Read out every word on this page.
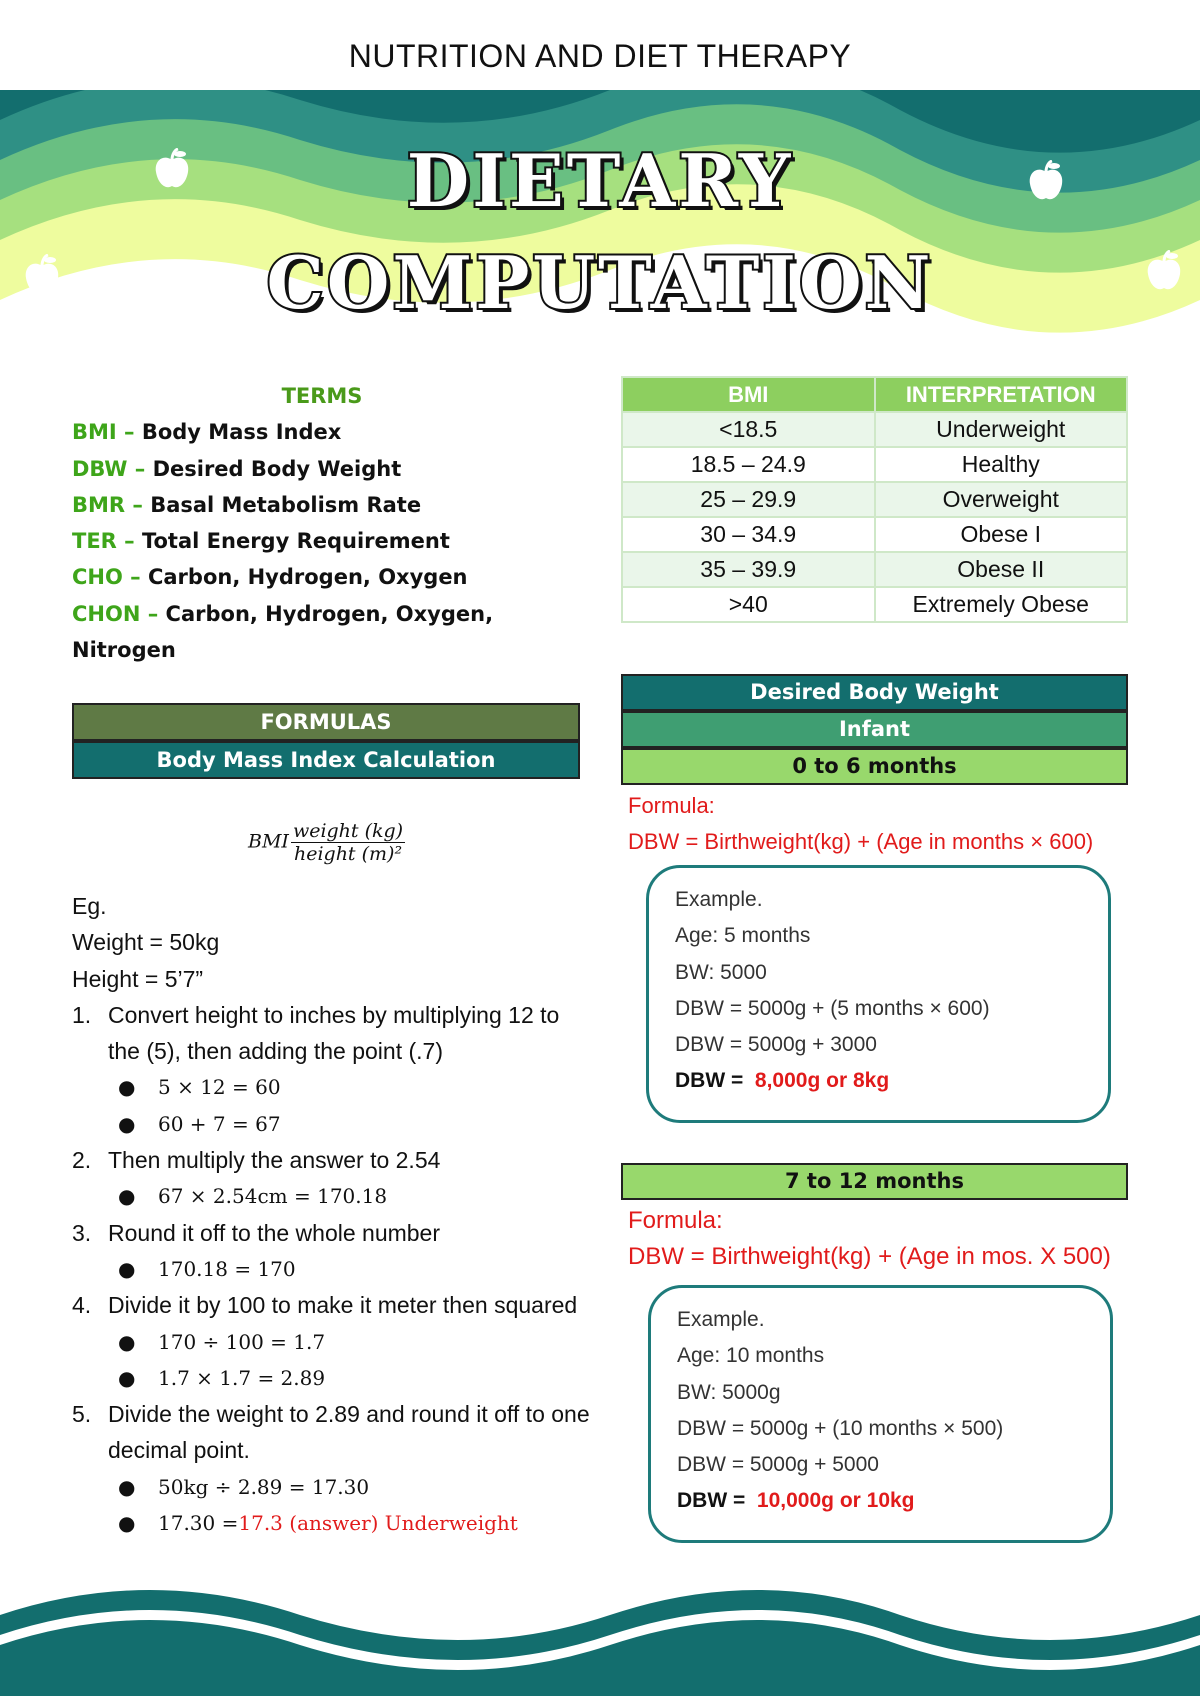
NUTRITION AND DIET THERAPY
DIETARY
COMPUTATION
TERMS
BMI – Body Mass Index
DBW – Desired Body Weight
BMR – Basal Metabolism Rate
TER – Total Energy Requirement
CHO – Carbon, Hydrogen, Oxygen
CHON – Carbon, Hydrogen, Oxygen,
Nitrogen
BMI	INTERPRETATION
<18.5	Underweight
18.5 – 24.9	Healthy
25 – 29.9	Overweight
30 – 34.9	Obese I
35 – 39.9	Obese II
>40	Extremely Obese
FORMULAS
Body Mass Index Calculation
BMI $\frac{\text{weight (kg)}}{\text{height (m)²}}$
Eg.
Weight = 50kg
Height = 5’7”
1. Convert height to inches by multiplying 12 to the (5), then adding the point (.7)
●	5 × 12 = 60
●	60 + 7 = 67
2. Then multiply the answer to 2.54
●	67 × 2.54cm = 170.18
3. Round it off to the whole number
●	170.18 = 170
4. Divide it by 100 to make it meter then squared
●	170 ÷ 100 = 1.7
●	1.7 × 1.7 = 2.89
5. Divide the weight to 2.89 and round it off to one decimal point.
●	50kg ÷ 2.89 = 17.30
●	17.30 = 17.3 (answer) Underweight
Desired Body Weight
Infant
0 to 6 months
Formula:
DBW = Birthweight(kg) + (Age in months × 600)
Example.
Age: 5 months
BW: 5000
DBW = 5000g + (5 months × 600)
DBW = 5000g + 3000
DBW = 8,000g or 8kg
7 to 12 months
Formula:
DBW = Birthweight(kg) + (Age in mos. X 500)
Example.
Age: 10 months
BW: 5000g
DBW = 5000g + (10 months × 500)
DBW = 5000g + 5000
DBW = 10,000g or 10kg
